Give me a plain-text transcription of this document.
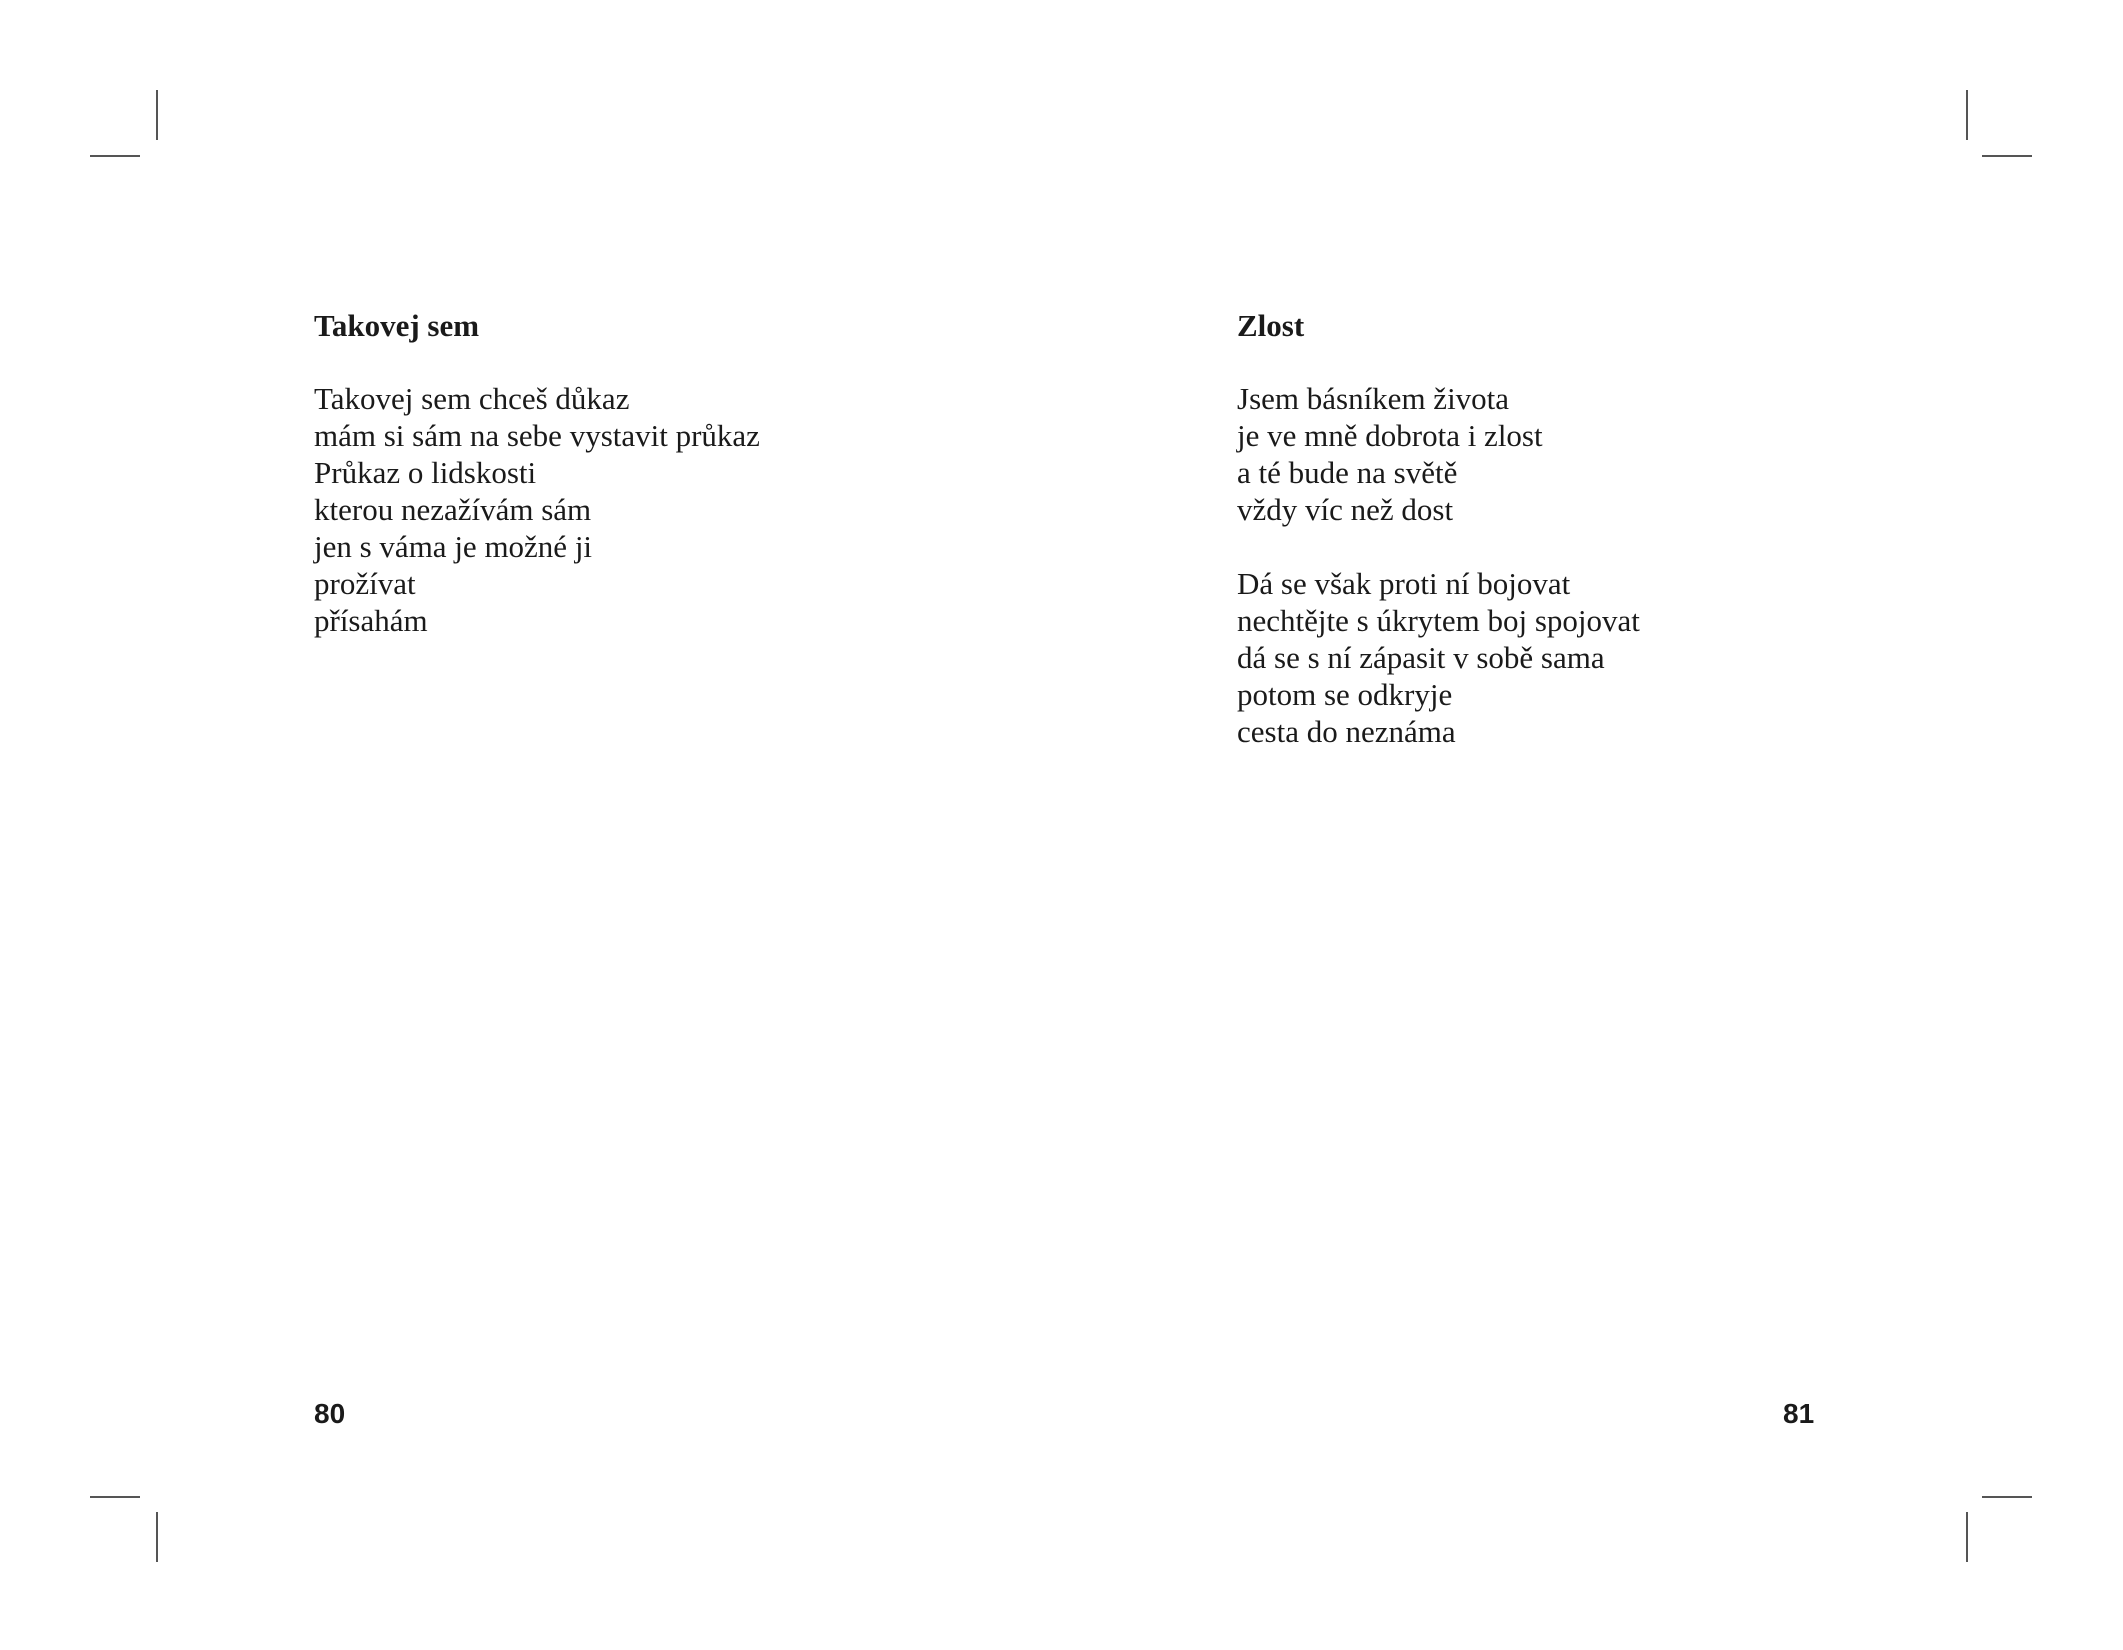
Takovej sem
Takovej sem chceš důkaz
mám si sám na sebe vystavit průkaz
Průkaz o lidskosti
kterou nezažívám sám
jen s váma je možné ji
prožívat
přísahám
80
Zlost
Jsem básníkem života
je ve mně dobrota i zlost
a té bude na světě
vždy víc než dost
Dá se však proti ní bojovat
nechtějte s úkrytem boj spojovat
dá se s ní zápasit v sobě sama
potom se odkryje
cesta do neznáma
81
